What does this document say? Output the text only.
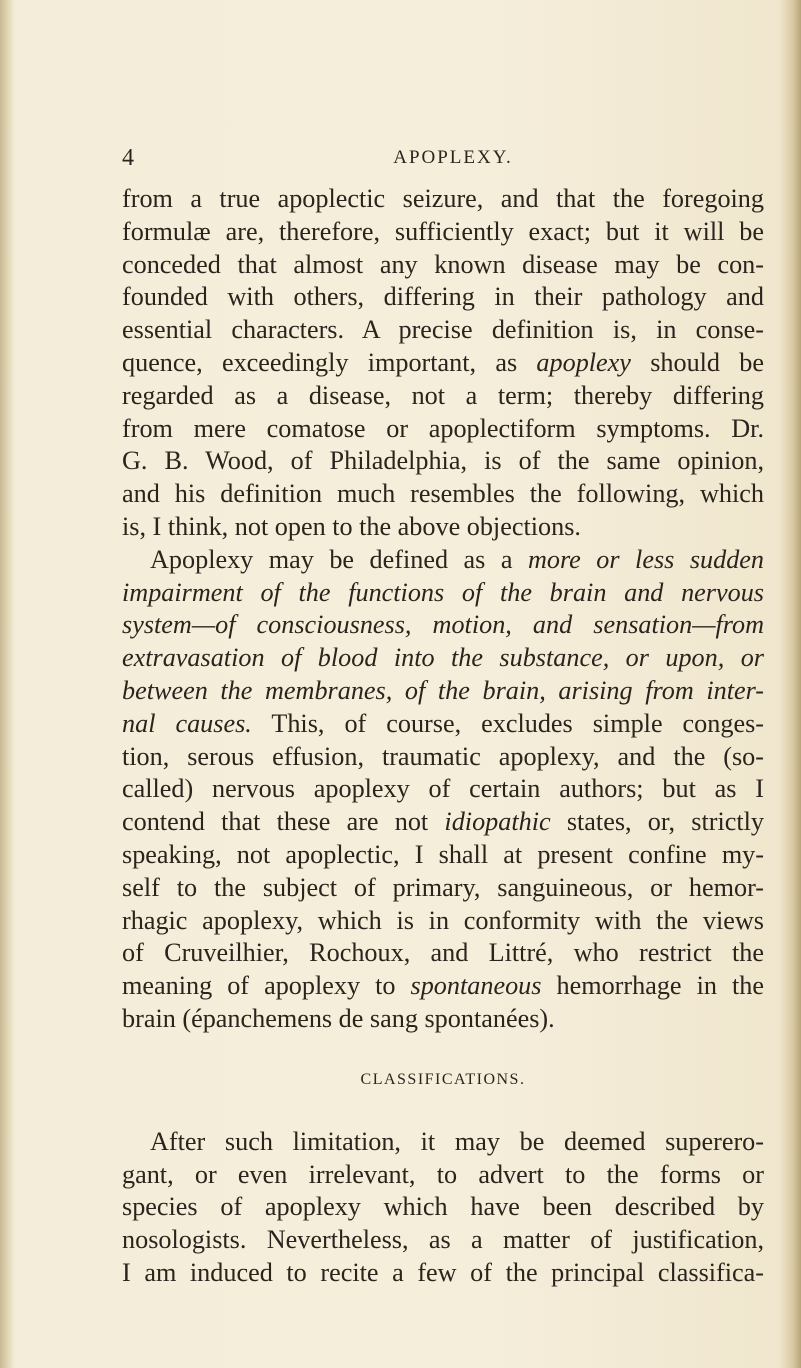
4	APOPLEXY.
from a true apoplectic seizure, and that the foregoing
formulæ are, therefore, sufficiently exact; but it will be
conceded that almost any known disease may be con-
founded with others, differing in their pathology and
essential characters. A precise definition is, in conse-
quence, exceedingly important, as apoplexy should be
regarded as a disease, not a term; thereby differing
from mere comatose or apoplectiform symptoms. Dr.
G. B. Wood, of Philadelphia, is of the same opinion,
and his definition much resembles the following, which
is, I think, not open to the above objections.
Apoplexy may be defined as a more or less sudden
impairment of the functions of the brain and nervous
system—of consciousness, motion, and sensation—from
extravasation of blood into the substance, or upon, or
between the membranes, of the brain, arising from inter-
nal causes. This, of course, excludes simple conges-
tion, serous effusion, traumatic apoplexy, and the (so-
called) nervous apoplexy of certain authors; but as I
contend that these are not idiopathic states, or, strictly
speaking, not apoplectic, I shall at present confine my-
self to the subject of primary, sanguineous, or hemor-
rhagic apoplexy, which is in conformity with the views
of Cruveilhier, Rochoux, and Littré, who restrict the
meaning of apoplexy to spontaneous hemorrhage in the
brain (épanchemens de sang spontanées).
CLASSIFICATIONS.
After such limitation, it may be deemed superero-
gant, or even irrelevant, to advert to the forms or
species of apoplexy which have been described by
nosologists. Nevertheless, as a matter of justification,
I am induced to recite a few of the principal classifica-
